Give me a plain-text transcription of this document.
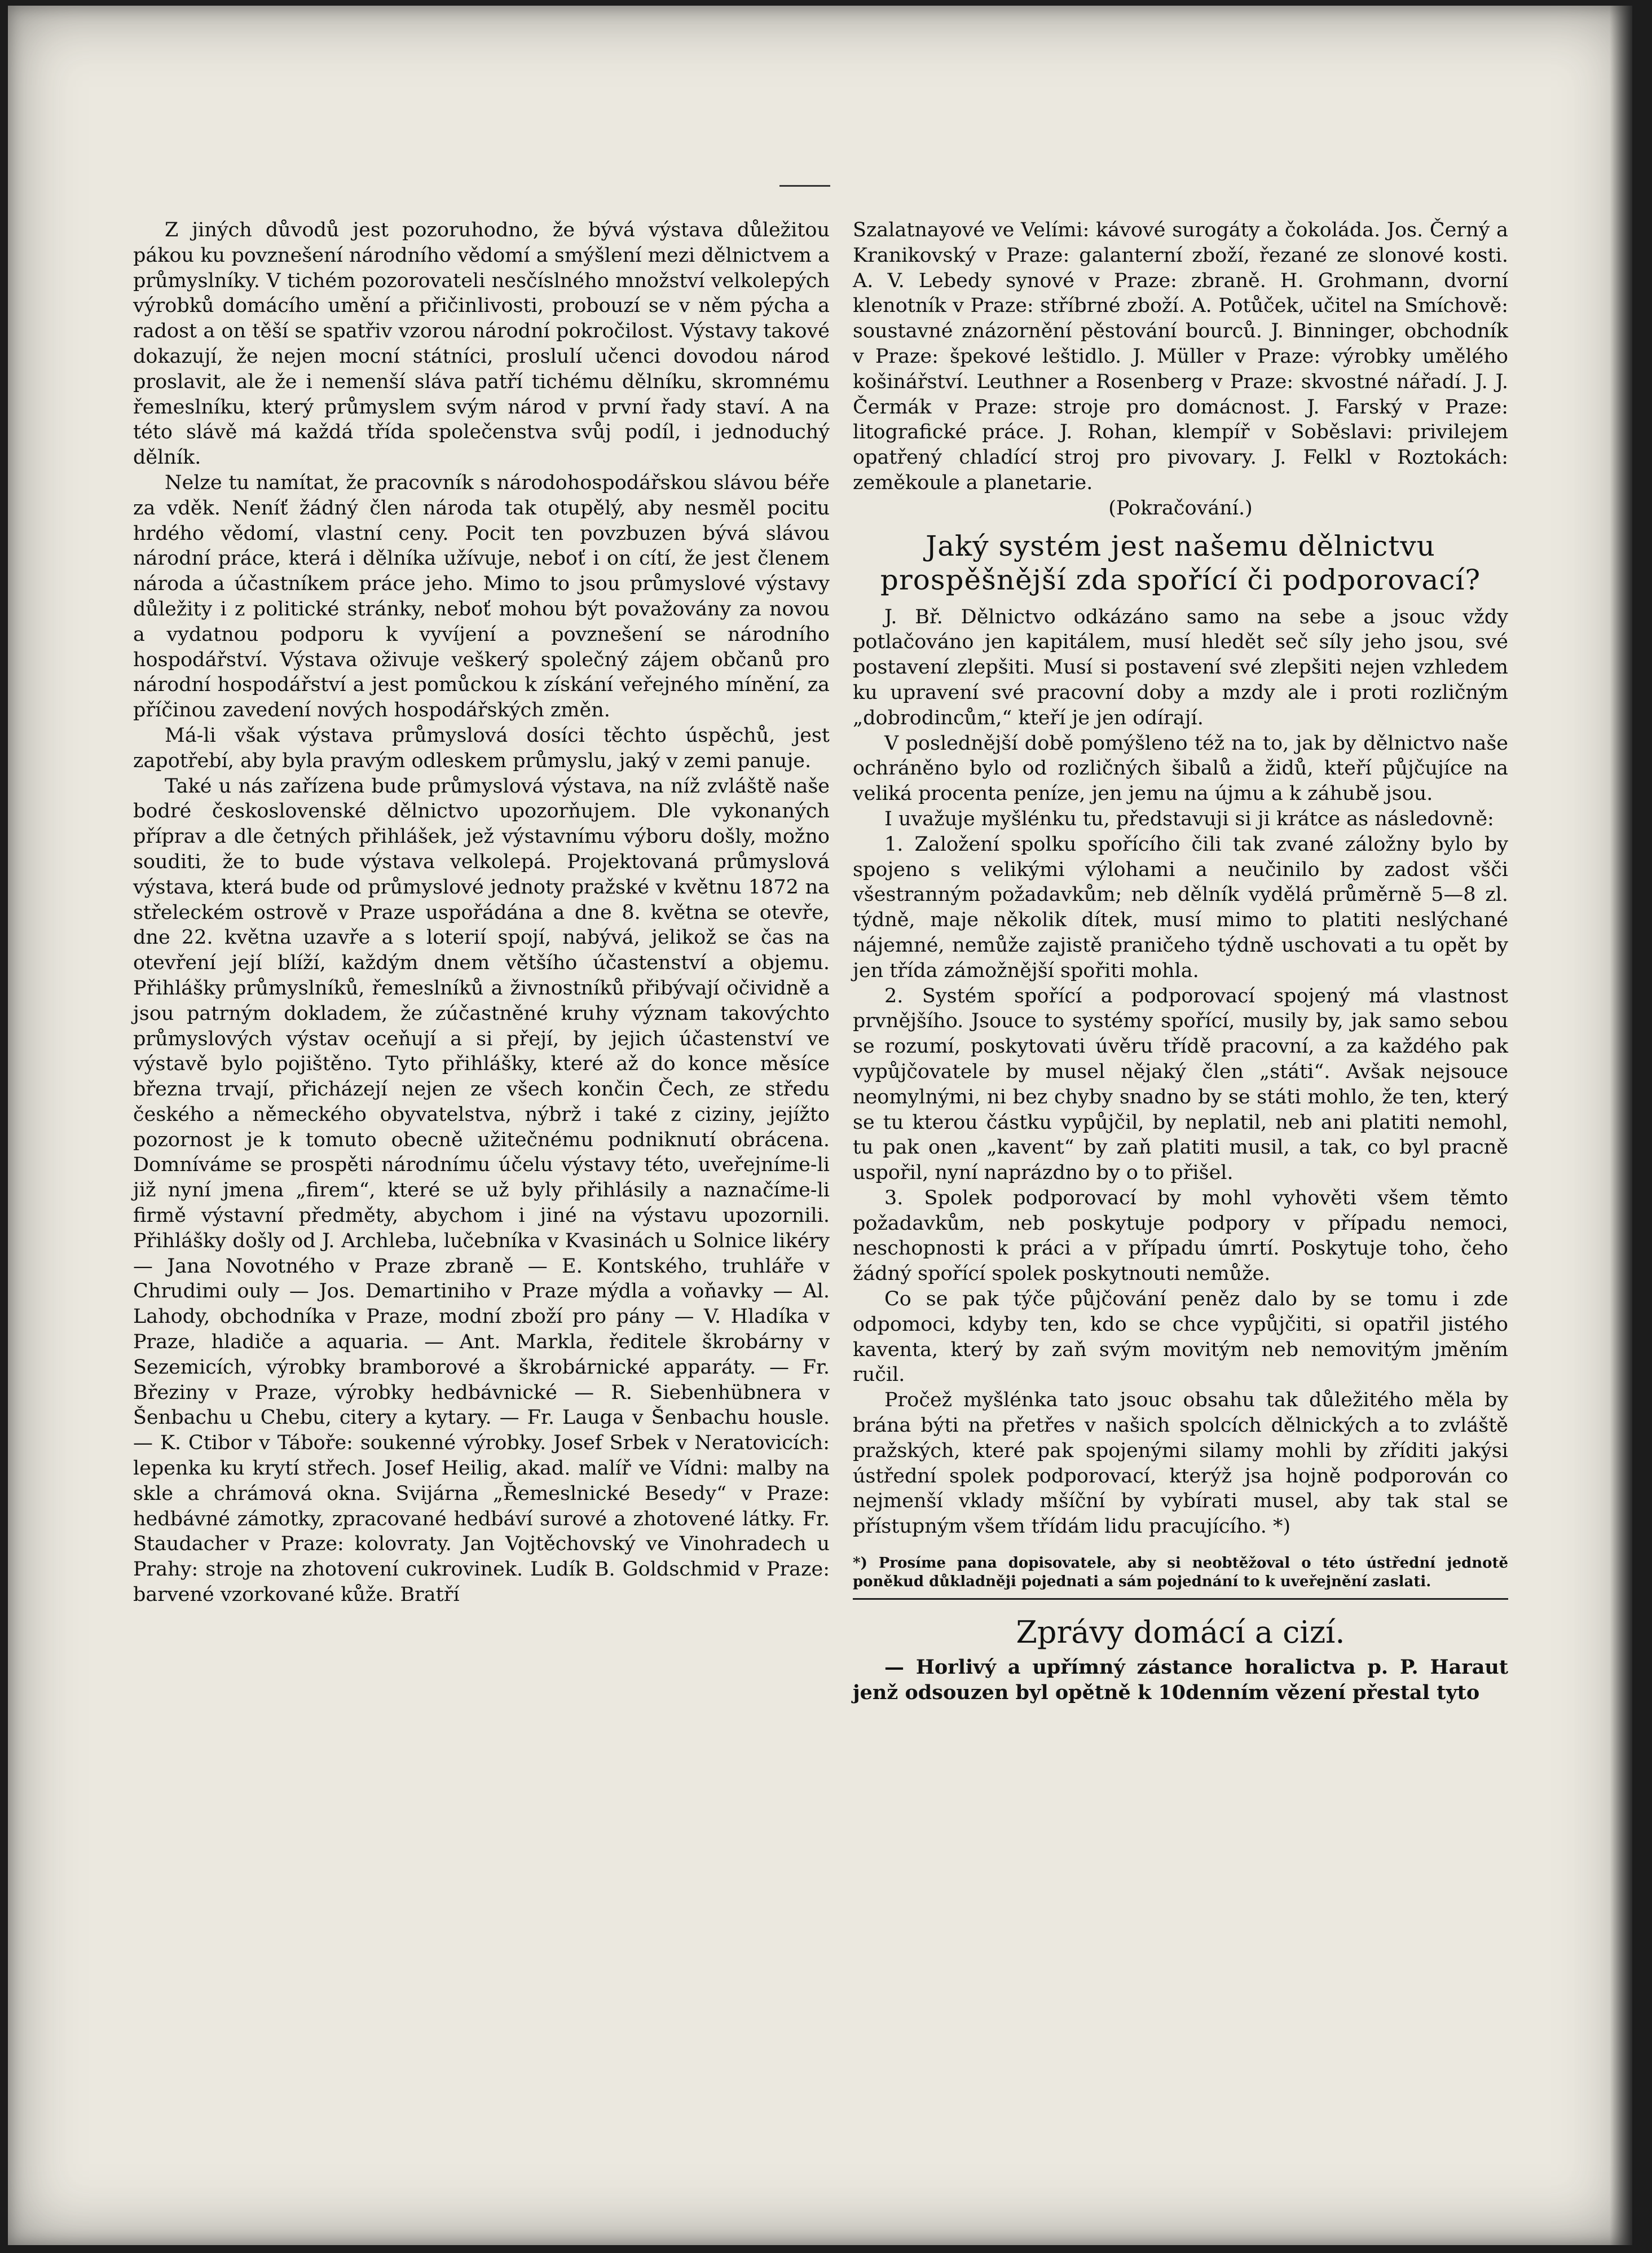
Z jiných důvodů jest pozoruhodno, že bývá výstava důležitou pákou ku povznešení národního vědomí a smýšlení mezi dělnictvem a průmyslníky. V tichém pozorovateli nesčíslného množství velkolepých výrobků domácího umění a přičinlivosti, probouzí se v něm pýcha a radost a on těší se spatřiv vzorou národní pokročilost. Výstavy takové dokazují, že nejen mocní státníci, proslulí učenci dovodou národ proslavit, ale že i nemenší sláva patří tichému dělníku, skromnému řemeslníku, který průmyslem svým národ v první řady staví. A na této slávě má každá třída společenstva svůj podíl, i jednoduchý dělník.

Nelze tu namítat, že pracovník s národohospodářskou slávou béře za vděk. Neníť žádný člen národa tak otupělý, aby nesměl pocitu hrdého vědomí, vlastní ceny. Pocit ten povzbuzen bývá slávou národní práce, která i dělníka užívuje, neboť i on cítí, že jest členem národa a účastníkem práce jeho. Mimo to jsou průmyslové výstavy důležity i z politické stránky, neboť mohou být považovány za novou a vydatnou podporu k vyvíjení a povznešení se národního hospodářství. Výstava oživuje veškerý společný zájem občanů pro národní hospodářství a jest pomůckou k získání veřejného mínění, za příčinou zavedení nových hospodářských změn.

Má-li však výstava průmyslová dosíci těchto úspěchů, jest zapotřebí, aby byla pravým odleskem průmyslu, jaký v zemi panuje.

Také u nás zařízena bude průmyslová výstava, na níž zvláště naše bodré československé dělnictvo upozorňujem. Dle vykonaných příprav a dle četných přihlášek, jež výstavnímu výboru došly, možno souditi, že to bude výstava velkolepá. Projektovaná průmyslová výstava, která bude od průmyslové jednoty pražské v květnu 1872 na střeleckém ostrově v Praze uspořádána a dne 8. května se otevře, dne 22. května uzavře a s loterií spojí, nabývá, jelikož se čas na otevření její blíží, každým dnem většího účastenství a objemu. Přihlášky průmyslníků, řemeslníků a živnostníků přibývají očividně a jsou patrným dokladem, že zúčastněné kruhy význam takovýchto průmyslových výstav oceňují a si přejí, by jejich účastenství ve výstavě bylo pojištěno. Tyto přihlášky, které až do konce měsíce března trvají, přicházejí nejen ze všech končin Čech, ze středu českého a německého obyvatelstva, nýbrž i také z ciziny, jejížto pozornost je k tomuto obecně užitečnému podniknutí obrácena. Domníváme se prospěti národnímu účelu výstavy této, uveřejníme-li již nyní jmena „firem“, které se už byly přihlásily a naznačíme-li firmě výstavní předměty, abychom i jiné na výstavu upozornili. Přihlášky došly od J. Archleba, lučebníka v Kvasinách u Solnice likéry — Jana Novotného v Praze zbraně — E. Kontského, truhláře v Chrudimi ouly — Jos. Demartiniho v Praze mýdla a voňavky — Al. Lahody, obchodníka v Praze, modní zboží pro pány — V. Hladíka v Praze, hladiče a aquaria. — Ant. Markla, ředitele škrobárny v Sezemicích, výrobky bramborové a škrobárnické apparáty. — Fr. Březiny v Praze, výrobky hedbávnické — R. Siebenhübnera v Šenbachu u Chebu, citery a kytary. — Fr. Lauga v Šenbachu housle. — K. Ctibor v Táboře: soukenné výrobky. Josef Srbek v Neratovicích: lepenka ku krytí střech. Josef Heilig, akad. malíř ve Vídni: malby na skle a chrámová okna. Svijárna „Řemeslnické Besedy“ v Praze: hedbávné zámotky, zpracované hedbáví surové a zhotovené látky. Fr. Staudacher v Praze: kolovraty. Jan Vojtěchovský ve Vinohradech u Prahy: stroje na zhotovení cukrovinek. Ludík B. Goldschmid v Praze: barvené vzorkované kůže. Bratří

Szalatnayové ve Velími: kávové surogáty a čokoláda. Jos. Černý a Kranikovský v Praze: galanterní zboží, řezané ze slonové kosti. A. V. Lebedy synové v Praze: zbraně. H. Grohmann, dvorní klenotník v Praze: stříbrné zboží. A. Potůček, učitel na Smíchově: soustavné znázornění pěstování bourců. J. Binninger, obchodník v Praze: špekové leštidlo. J. Müller v Praze: výrobky umělého košinářství. Leuthner a Rosenberg v Praze: skvostné nářadí. J. J. Čermák v Praze: stroje pro domácnost. J. Farský v Praze: litografické práce. J. Rohan, klempíř v Soběslavi: privilejem opatřený chladící stroj pro pivovary. J. Felkl v Roztokách: zeměkoule a planetarie.

(Pokračování.)

Jaký systém jest našemu dělnictvu prospěšnější zda spořící či podporovací?

J. Bř. Dělnictvo odkázáno samo na sebe a jsouc vždy potlačováno jen kapitálem, musí hledět seč síly jeho jsou, své postavení zlepšiti. Musí si postavení své zlepšiti nejen vzhledem ku upravení své pracovní doby a mzdy ale i proti rozličným „dobrodincům,“ kteří je jen odírají.

V poslednější době pomýšleno též na to, jak by dělnictvo naše ochráněno bylo od rozličných šibalů a židů, kteří půjčujíce na veliká procenta peníze, jen jemu na újmu a k záhubě jsou.

I uvažuje myšlénku tu, představuji si ji krátce as následovně:

1. Založení spolku spořícího čili tak zvané záložny bylo by spojeno s velikými výlohami a neučinilo by zadost všči všestranným požadavkům; neb dělník vydělá průměrně 5—8 zl. týdně, maje několik dítek, musí mimo to platiti neslýchané nájemné, nemůže zajistě praničeho týdně uschovati a tu opět by jen třída zámožnější spořiti mohla.

2. Systém spořící a podporovací spojený má vlastnost prvnějšího. Jsouce to systémy spořící, musily by, jak samo sebou se rozumí, poskytovati úvěru třídě pracovní, a za každého pak vypůjčovatele by musel nějaký člen „státi“. Avšak nejsouce neomylnými, ni bez chyby snadno by se státi mohlo, že ten, který se tu kterou částku vypůjčil, by neplatil, neb ani platiti nemohl, tu pak onen „kavent“ by zaň platiti musil, a tak, co byl pracně uspořil, nyní naprázdno by o to přišel.

3. Spolek podporovací by mohl vyhověti všem těmto požadavkům, neb poskytuje podpory v případu nemoci, neschopnosti k práci a v případu úmrtí. Poskytuje toho, čeho žádný spořící spolek poskytnouti nemůže.

Co se pak týče půjčování peněz dalo by se tomu i zde odpomoci, kdyby ten, kdo se chce vypůjčiti, si opatřil jistého kaventa, který by zaň svým movitým neb nemovitým jměním ručil.

Pročež myšlénka tato jsouc obsahu tak důležitého měla by brána býti na přetřes v našich spolcích dělnických a to zvláště pražských, které pak spojenými silamy mohli by zříditi jakýsi ústřední spolek podporovací, kterýž jsa hojně podporován co nejmenší vklady mšíční by vybírati musel, aby tak stal se přístupným všem třídám lidu pracujícího. *)

*) Prosíme pana dopisovatele, aby si neobtěžoval o této ústřední jednotě poněkud důkladněji pojednati a sám pojednání to k uveřejnění zaslati.
Zprávy domácí a cizí.

— Horlivý a upřímný zástance horalictva p. P. Haraut jenž odsouzen byl opětně k 10denním vězení přestal tyto
